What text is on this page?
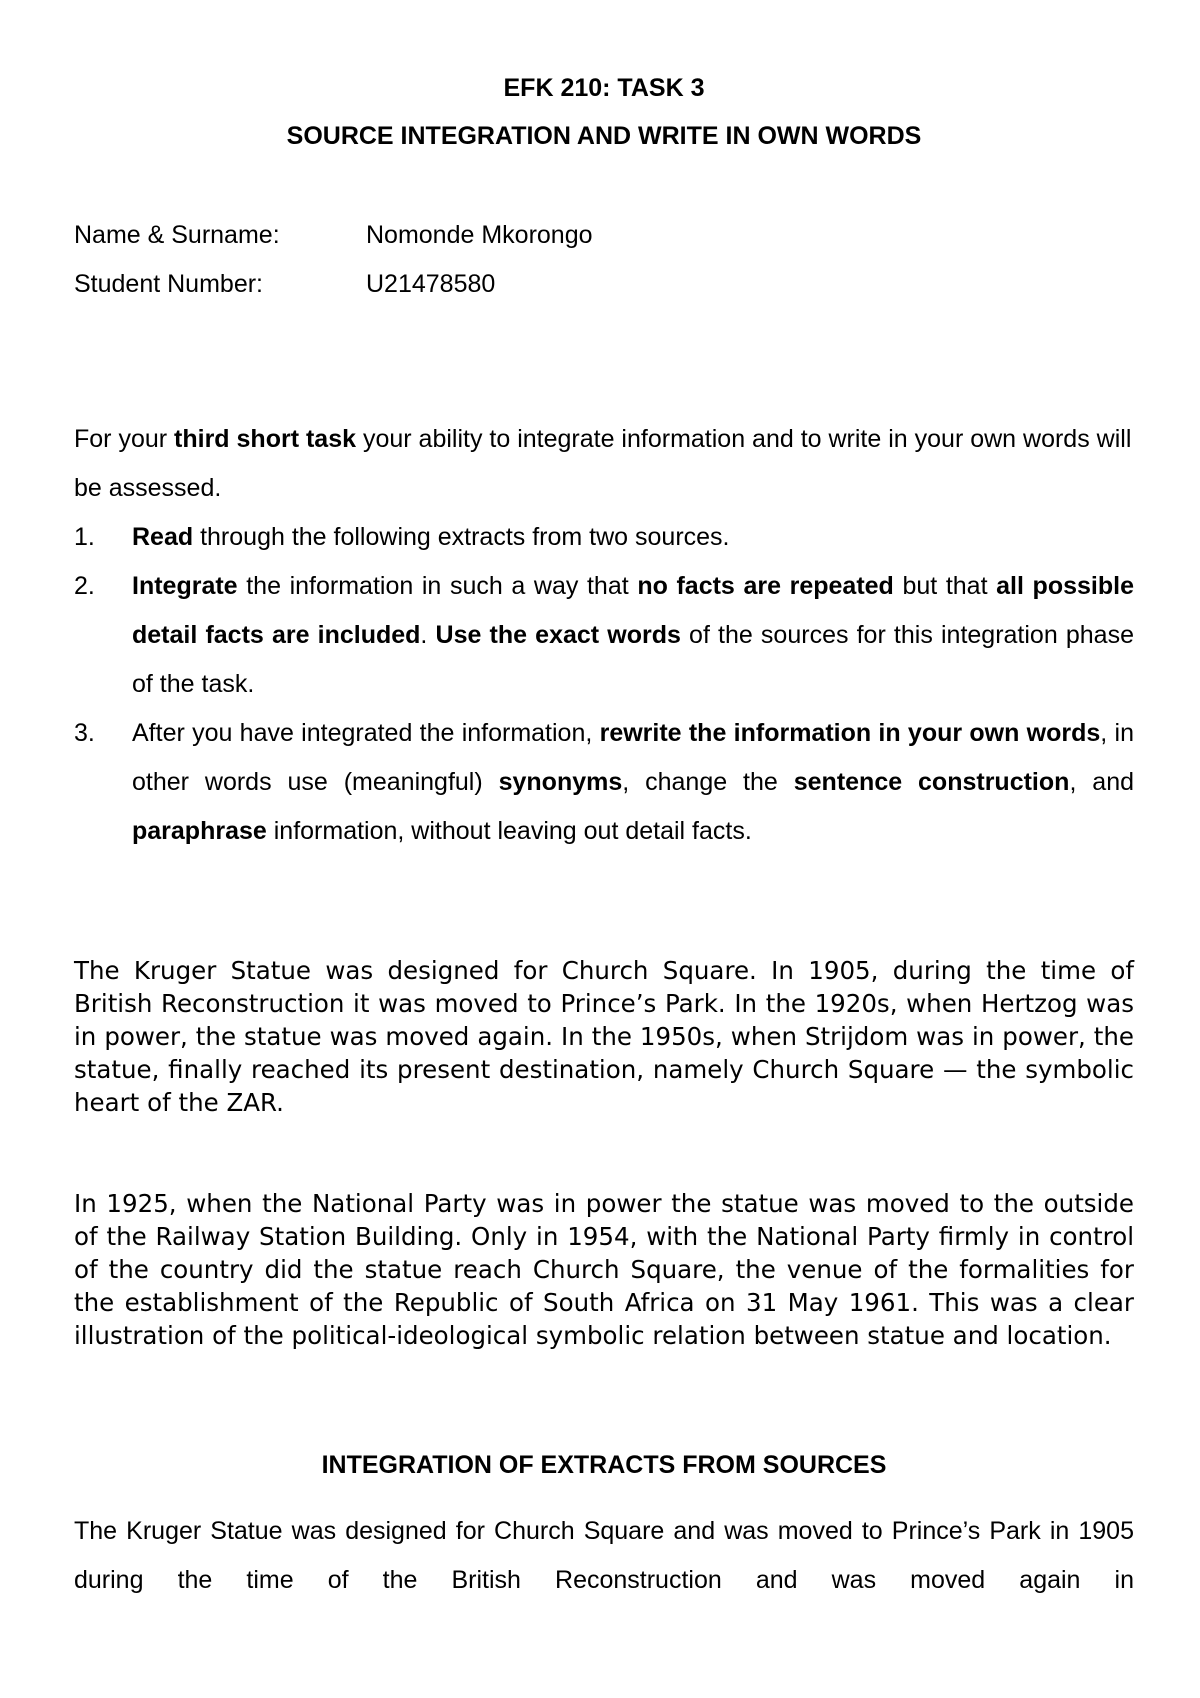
EFK 210: TASK 3
SOURCE INTEGRATION AND WRITE IN OWN WORDS
Name & Surname:	Nomonde Mkorongo
Student Number:	U21478580

For your third short task your ability to integrate information and to write in your own words will be assessed.

1. Read through the following extracts from two sources.
2. Integrate the information in such a way that no facts are repeated but that all possible detail facts are included. Use the exact words of the sources for this integration phase of the task.
3. After you have integrated the information, rewrite the information in your own words, in other words use (meaningful) synonyms, change the sentence construction, and paraphrase information, without leaving out detail facts.

The Kruger Statue was designed for Church Square. In 1905, during the time of British Reconstruction it was moved to Prince’s Park. In the 1920s, when Hertzog was in power, the statue was moved again. In the 1950s, when Strijdom was in power, the statue, finally reached its present destination, namely Church Square — the symbolic heart of the ZAR.

In 1925, when the National Party was in power the statue was moved to the outside of the Railway Station Building. Only in 1954, with the National Party firmly in control of the country did the statue reach Church Square, the venue of the formalities for the establishment of the Republic of South Africa on 31 May 1961. This was a clear illustration of the political-ideological symbolic relation between statue and location.

INTEGRATION OF EXTRACTS FROM SOURCES

The Kruger Statue was designed for Church Square and was moved to Prince’s Park in 1905 during the time of the British Reconstruction and was moved again in
